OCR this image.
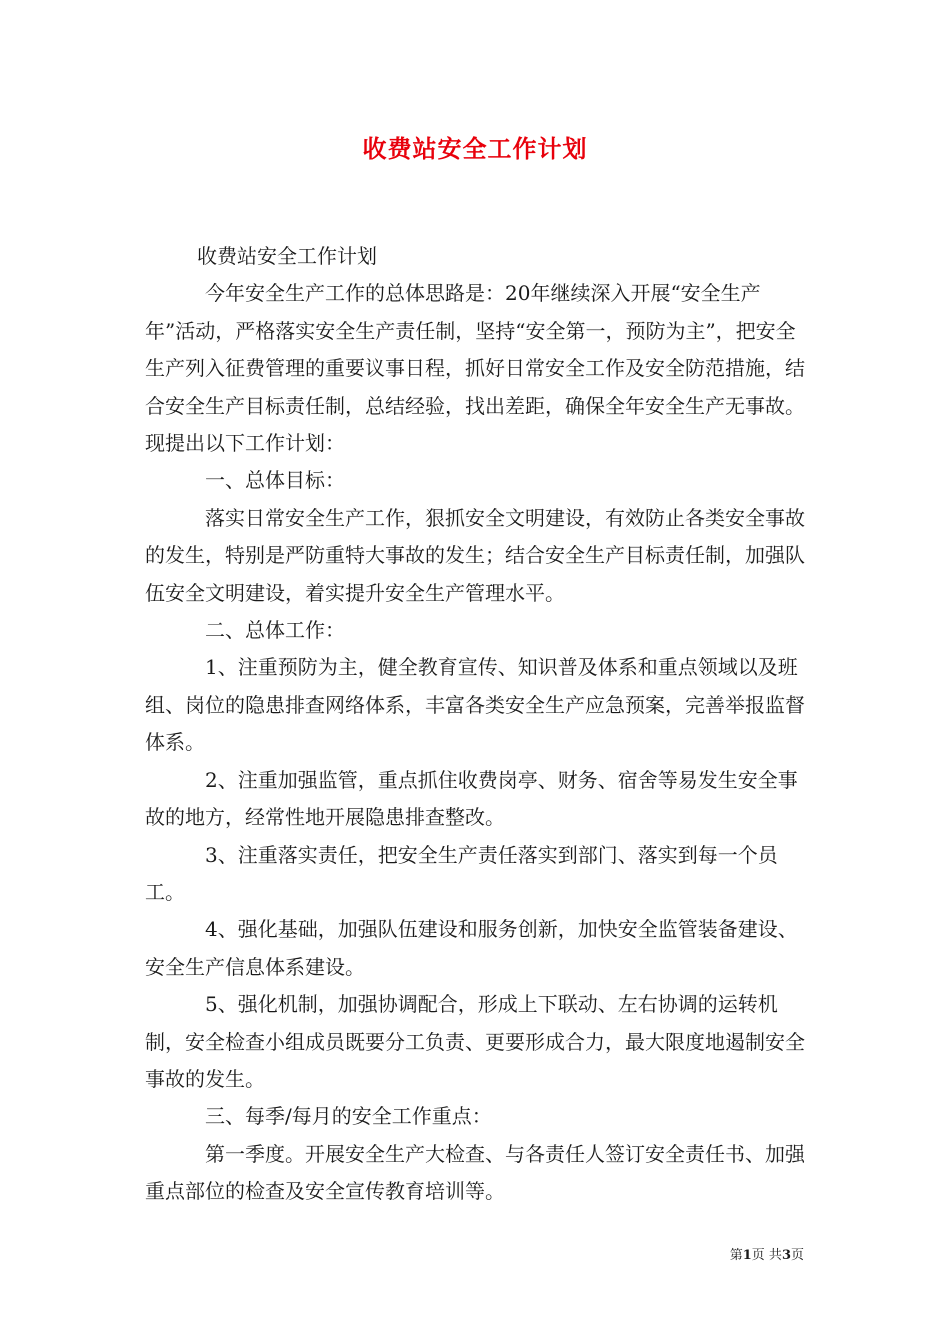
收费站安全工作计划

收费站安全工作计划

今年安全生产工作的总体思路是：20年继续深入开展“安全生产年”活动，严格落实安全生产责任制，坚持“安全第一，预防为主”，把安全生产列入征费管理的重要议事日程，抓好日常安全工作及安全防范措施，结合安全生产目标责任制，总结经验，找出差距，确保全年安全生产无事故。现提出以下工作计划：

一、总体目标：

落实日常安全生产工作，狠抓安全文明建设，有效防止各类安全事故的发生，特别是严防重特大事故的发生；结合安全生产目标责任制，加强队伍安全文明建设，着实提升安全生产管理水平。

二、总体工作：

1、注重预防为主，健全教育宣传、知识普及体系和重点领域以及班组、岗位的隐患排查网络体系，丰富各类安全生产应急预案，完善举报监督体系。

2、注重加强监管，重点抓住收费岗亭、财务、宿舍等易发生安全事故的地方，经常性地开展隐患排查整改。

3、注重落实责任，把安全生产责任落实到部门、落实到每一个员工。

4、强化基础，加强队伍建设和服务创新，加快安全监管装备建设、安全生产信息体系建设。

5、强化机制，加强协调配合，形成上下联动、左右协调的运转机制，安全检查小组成员既要分工负责、更要形成合力，最大限度地遏制安全事故的发生。

三、每季/每月的安全工作重点：

第一季度。开展安全生产大检查、与各责任人签订安全责任书、加强重点部位的检查及安全宣传教育培训等。

第1页 共3页
